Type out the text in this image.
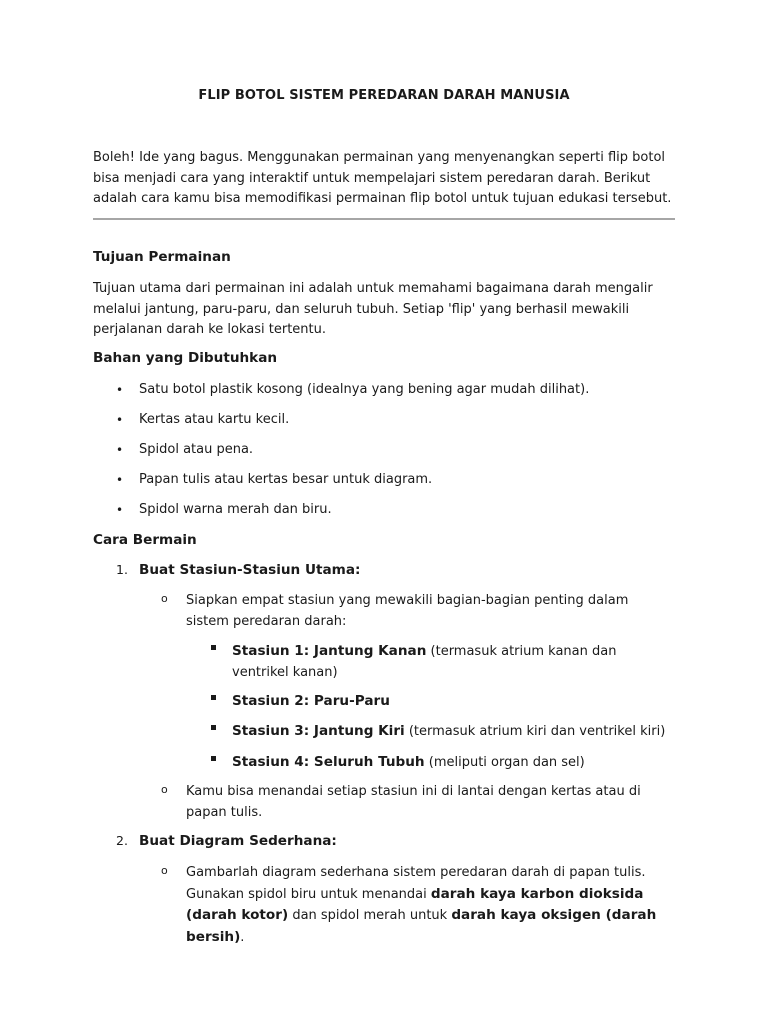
FLIP BOTOL SISTEM PEREDARAN DARAH MANUSIA

Boleh! Ide yang bagus. Menggunakan permainan yang menyenangkan seperti flip botol bisa menjadi cara yang interaktif untuk mempelajari sistem peredaran darah. Berikut adalah cara kamu bisa memodifikasi permainan flip botol untuk tujuan edukasi tersebut.

Tujuan Permainan

Tujuan utama dari permainan ini adalah untuk memahami bagaimana darah mengalir melalui jantung, paru-paru, dan seluruh tubuh. Setiap 'flip' yang berhasil mewakili perjalanan darah ke lokasi tertentu.

Bahan yang Dibutuhkan
• Satu botol plastik kosong (idealnya yang bening agar mudah dilihat).
• Kertas atau kartu kecil.
• Spidol atau pena.
• Papan tulis atau kertas besar untuk diagram.
• Spidol warna merah dan biru.
Cara Bermain
1. Buat Stasiun-Stasiun Utama:
o Siapkan empat stasiun yang mewakili bagian-bagian penting dalam sistem peredaran darah:

Stasiun 1: Jantung Kanan (termasuk atrium kanan dan ventrikel kanan)

Stasiun 2: Paru-Paru

Stasiun 3: Jantung Kiri (termasuk atrium kiri dan ventrikel kiri)

Stasiun 4: Seluruh Tubuh (meliputi organ dan sel)

o Kamu bisa menandai setiap stasiun ini di lantai dengan kertas atau di papan tulis.

2. Buat Diagram Sederhana:
o Gambarlah diagram sederhana sistem peredaran darah di papan tulis. Gunakan spidol biru untuk menandai darah kaya karbon dioksida (darah kotor) dan spidol merah untuk darah kaya oksigen (darah bersih).
